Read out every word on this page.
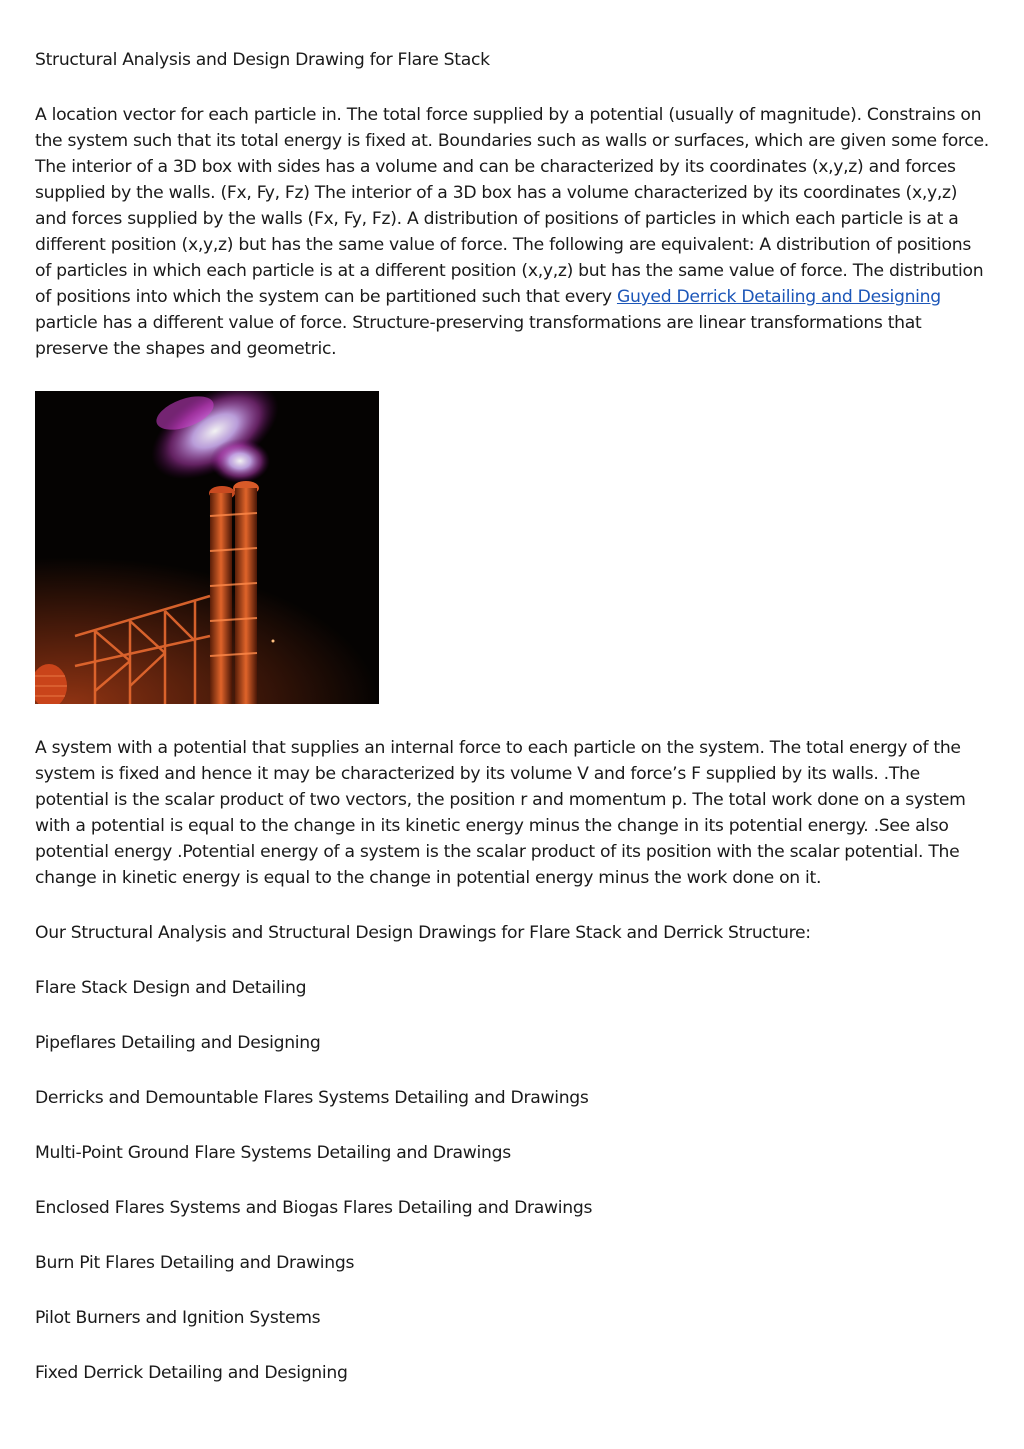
Structural Analysis and Design Drawing for Flare Stack

A location vector for each particle in. The total force supplied by a potential (usually of magnitude). Constrains on the system such that its total energy is fixed at. Boundaries such as walls or surfaces, which are given some force. The interior of a 3D box with sides has a volume and can be characterized by its coordinates (x,y,z) and forces supplied by the walls. (Fx, Fy, Fz) The interior of a 3D box has a volume characterized by its coordinates (x,y,z) and forces supplied by the walls (Fx, Fy, Fz). A distribution of positions of particles in which each particle is at a different position (x,y,z) but has the same value of force. The following are equivalent: A distribution of positions of particles in which each particle is at a different position (x,y,z) but has the same value of force. The distribution of positions into which the system can be partitioned such that every Guyed Derrick Detailing and Designing particle has a different value of force. Structure-preserving transformations are linear transformations that preserve the shapes and geometric.

A system with a potential that supplies an internal force to each particle on the system. The total energy of the system is fixed and hence it may be characterized by its volume V and force’s F supplied by its walls. .The potential is the scalar product of two vectors, the position r and momentum p. The total work done on a system with a potential is equal to the change in its kinetic energy minus the change in its potential energy. .See also potential energy .Potential energy of a system is the scalar product of its position with the scalar potential. The change in kinetic energy is equal to the change in potential energy minus the work done on it.

Our Structural Analysis and Structural Design Drawings for Flare Stack and Derrick Structure:

Flare Stack Design and Detailing

Pipeflares Detailing and Designing

Derricks and Demountable Flares Systems Detailing and Drawings

Multi-Point Ground Flare Systems Detailing and Drawings

Enclosed Flares Systems and Biogas Flares Detailing and Drawings

Burn Pit Flares Detailing and Drawings

Pilot Burners and Ignition Systems

Fixed Derrick Detailing and Designing
